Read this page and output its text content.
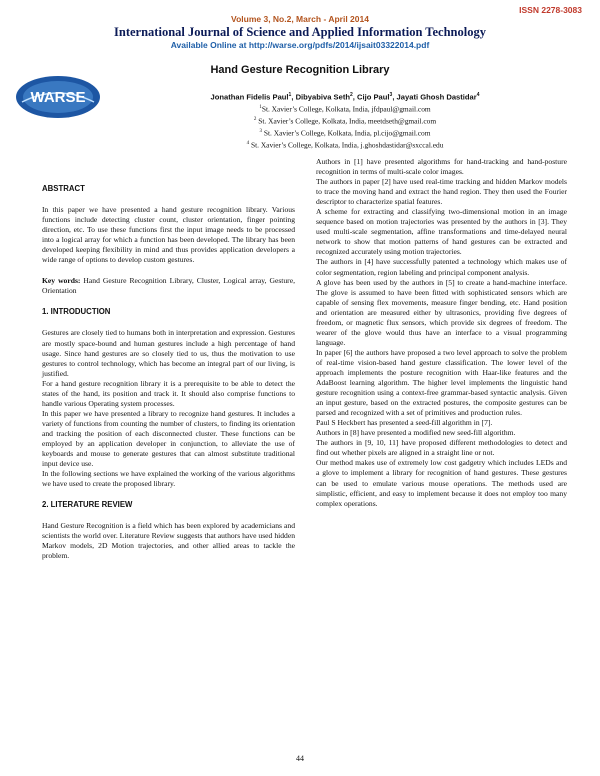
ISSN 2278-3083
Volume 3, No.2, March - April 2014
International Journal of Science and Applied Information Technology
Available Online at http://warse.org/pdfs/2014/ijsait03322014.pdf
WARSE
Hand Gesture Recognition Library
Jonathan Fidelis Paul$^1$, Dibyabiva Seth$^2$, Cijo Paul$^3$, Jayati Ghosh Dastidar$^4$
$^1$St. Xavier’s College, Kolkata, India, jfdpaul@gmail.com
$^2$ St. Xavier’s College, Kolkata, India, meetdseth@gmail.com
$^3$ St. Xavier’s College, Kolkata, India, pl.cijo@gmail.com
$^4$ St. Xavier’s College, Kolkata, India, j.ghoshdastidar@sxccal.edu

ABSTRACT

In this paper we have presented a hand gesture recognition library. Various functions include detecting cluster count, cluster orientation, finger pointing direction, etc. To use these functions first the input image needs to be processed into a logical array for which a function has been developed. The library has been developed keeping flexibility in mind and thus provides application developers a wide range of options to develop custom gestures.

Key words: Hand Gesture Recognition Library, Cluster, Logical array, Gesture, Orientation

1. INTRODUCTION

Gestures are closely tied to humans both in interpretation and expression. Gestures are mostly space-bound and human gestures include a high percentage of hand usage. Since hand gestures are so closely tied to us, thus the motivation to use gestures to control technology, which has become an integral part of our living, is justified.

For a hand gesture recognition library it is a prerequisite to be able to detect the states of the hand, its position and track it. It should also comprise functions to handle various Operating system processes.

In this paper we have presented a library to recognize hand gestures. It includes a variety of functions from counting the number of clusters, to finding its orientation and tracking the position of each disconnected cluster. These functions can be employed by an application developer in conjunction, to alleviate the use of keyboards and mouse to generate gestures that can almost substitute traditional input device use.

In the following sections we have explained the working of the various algorithms we have used to create the proposed library.

2. LITERATURE REVIEW

Hand Gesture Recognition is a field which has been explored by academicians and scientists the world over. Literature Review suggests that authors have used hidden Markov models, 2D Motion trajectories, and other allied areas to tackle the problem.

Authors in [1] have presented algorithms for hand-tracking and hand-posture recognition in terms of multi-scale color images.

The authors in paper [2] have used real-time tracking and hidden Markov models to trace the moving hand and extract the hand region. They then used the Fourier descriptor to characterize spatial features.

A scheme for extracting and classifying two-dimensional motion in an image sequence based on motion trajectories was presented by the authors in [3]. They used multi-scale segmentation, affine transformations and time-delayed neural network to show that motion patterns of hand gestures can be extracted and recognized accurately using motion trajectories.

The authors in [4] have successfully patented a technology which makes use of color segmentation, region labeling and principal component analysis.

A glove has been used by the authors in [5] to create a hand-machine interface. The glove is assumed to have been fitted with sophisticated sensors which are capable of sensing flex movements, measure finger bending, etc. Hand position and orientation are measured either by ultrasonics, providing five degrees of freedom, or magnetic flux sensors, which provide six degrees of freedom. The wearer of the glove would thus have an interface to a visual programming language.

In paper [6] the authors have proposed a two level approach to solve the problem of real-time vision-based hand gesture classification. The lower level of the approach implements the posture recognition with Haar-like features and the AdaBoost learning algorithm. The higher level implements the linguistic hand gesture recognition using a context-free grammar-based syntactic analysis. Given an input gesture, based on the extracted postures, the composite gestures can be parsed and recognized with a set of primitives and production rules.

Paul S Heckbert has presented a seed-fill algorithm in [7].

Authors in [8] have presented a modified new seed-fill algorithm.

The authors in [9, 10, 11] have proposed different methodologies to detect and find out whether pixels are aligned in a straight line or not.

Our method makes use of extremely low cost gadgetry which includes LEDs and a glove to implement a library for recognition of hand gestures. These gestures can be used to emulate various mouse operations. The methods used are simplistic, efficient, and easy to implement because it does not employ too many complex operations.

44
